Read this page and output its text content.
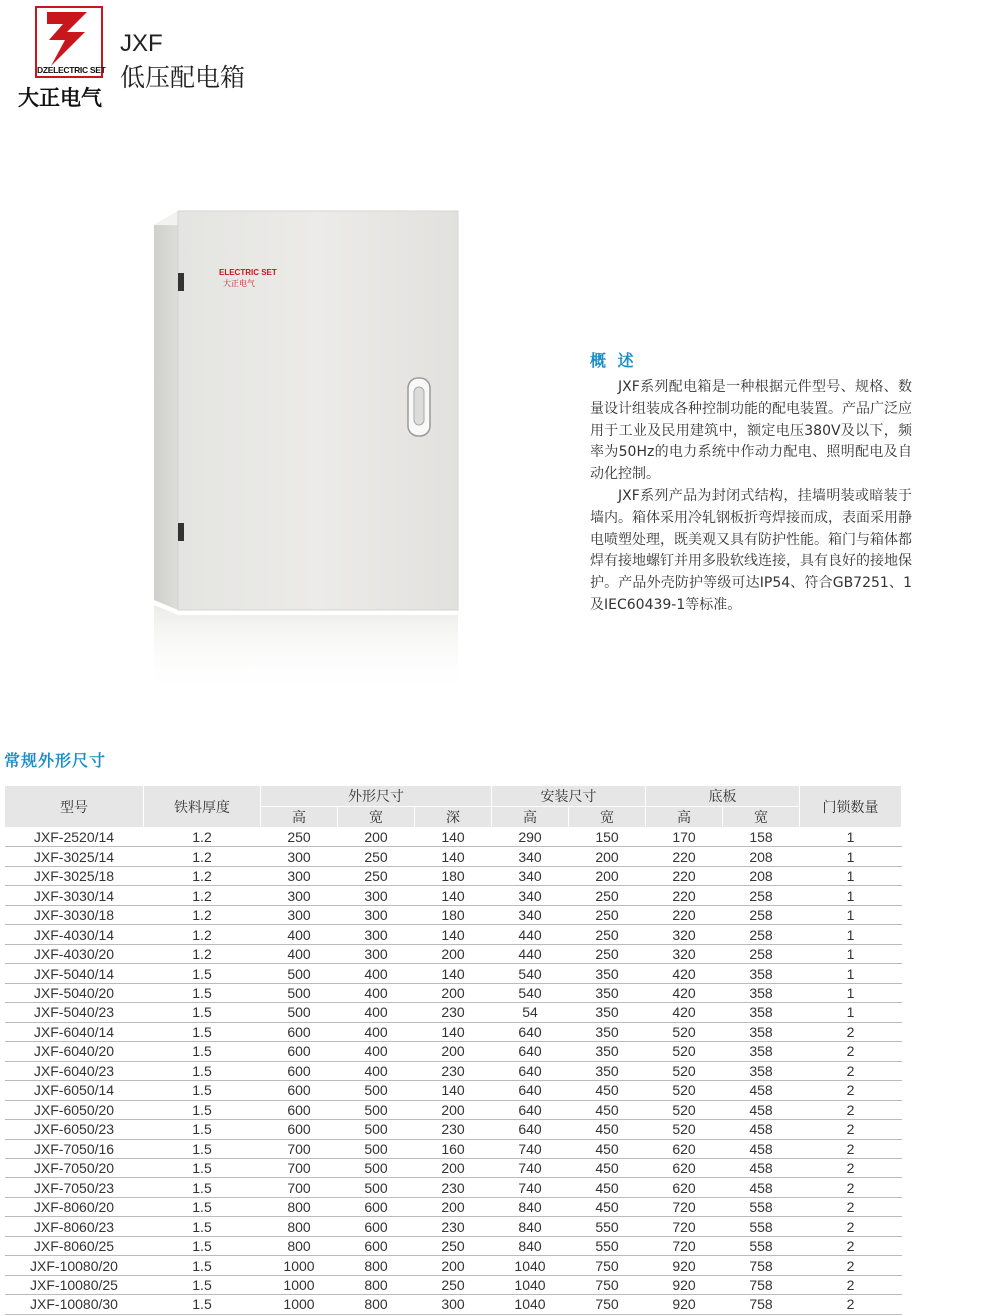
DZELECTRIC SET
大正电气
JXF
低压配电箱
ELECTRIC SET
大正电气
概 述

JXF系列配电箱是一种根据元件型号、规格、数量设计组装成各种控制功能的配电装置。产品广泛应用于工业及民用建筑中，额定电压380V及以下，频率为50Hz的电力系统中作动力配电、照明配电及自动化控制。

JXF系列产品为封闭式结构，挂墙明装或暗装于墙内。箱体采用冷轧钢板折弯焊接而成，表面采用静电喷塑处理，既美观又具有防护性能。箱门与箱体都焊有接地螺钉并用多股软线连接，具有良好的接地保护。产品外壳防护等级可达IP54、符合GB7251、1及IEC60439-1等标准。

常规外形尺寸
型号	铁料厚度	外形尺寸			安装尺寸		底板		门锁数量
		高	宽	深	高	宽	高	宽	
JXF-2520/14	1.2	250	200	140	290	150	170	158	1
JXF-3025/14	1.2	300	250	140	340	200	220	208	1
JXF-3025/18	1.2	300	250	180	340	200	220	208	1
JXF-3030/14	1.2	300	300	140	340	250	220	258	1
JXF-3030/18	1.2	300	300	180	340	250	220	258	1
JXF-4030/14	1.2	400	300	140	440	250	320	258	1
JXF-4030/20	1.2	400	300	200	440	250	320	258	1
JXF-5040/14	1.5	500	400	140	540	350	420	358	1
JXF-5040/20	1.5	500	400	200	540	350	420	358	1
JXF-5040/23	1.5	500	400	230	54	350	420	358	1
JXF-6040/14	1.5	600	400	140	640	350	520	358	2
JXF-6040/20	1.5	600	400	200	640	350	520	358	2
JXF-6040/23	1.5	600	400	230	640	350	520	358	2
JXF-6050/14	1.5	600	500	140	640	450	520	458	2
JXF-6050/20	1.5	600	500	200	640	450	520	458	2
JXF-6050/23	1.5	600	500	230	640	450	520	458	2
JXF-7050/16	1.5	700	500	160	740	450	620	458	2
JXF-7050/20	1.5	700	500	200	740	450	620	458	2
JXF-7050/23	1.5	700	500	230	740	450	620	458	2
JXF-8060/20	1.5	800	600	200	840	450	720	558	2
JXF-8060/23	1.5	800	600	230	840	550	720	558	2
JXF-8060/25	1.5	800	600	250	840	550	720	558	2
JXF-10080/20	1.5	1000	800	200	1040	750	920	758	2
JXF-10080/25	1.5	1000	800	250	1040	750	920	758	2
JXF-10080/30	1.5	1000	800	300	1040	750	920	758	2
